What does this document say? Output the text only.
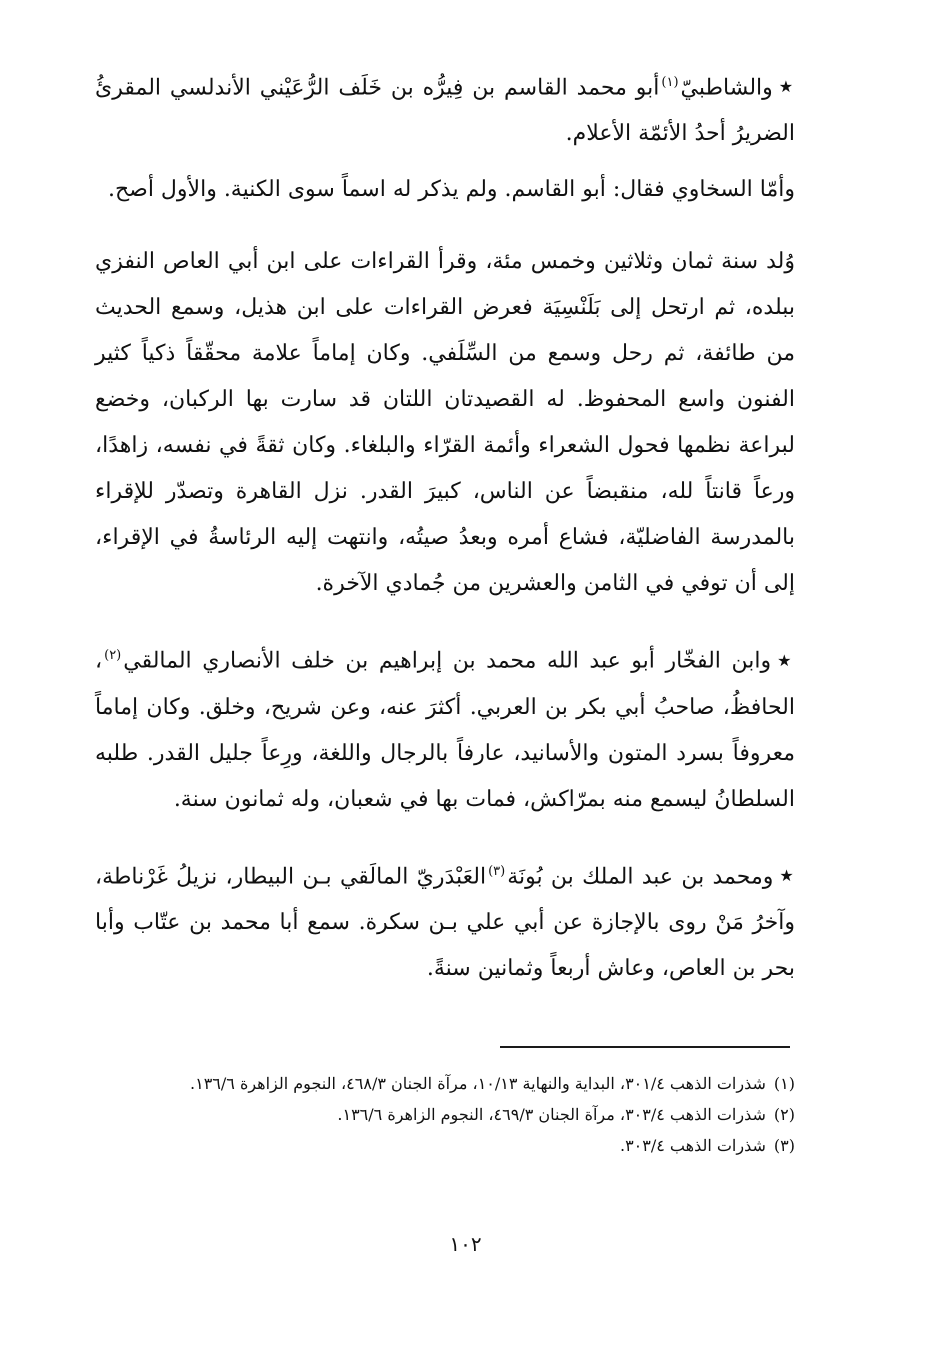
★والشاطبيّ$^{(١)}$أبو محمد القاسم بن فِيرُّه بن خَلَف الرُّعَيْني الأندلسي المقرئُ الضريرُ أحدُ الأئمّة الأعلام.

وأمّا السخاوي فقال: أبو القاسم. ولم يذكر له اسماً سوى الكنية. والأول أصح.

وُلد سنة ثمان وثلاثين وخمس مئة، وقرأ القراءات على ابن أبي العاص النفزي ببلده، ثم ارتحل إلى بَلَنْسِيَة فعرض القراءات على ابن هذيل، وسمع الحديث من طائفة، ثم رحل وسمع من السِّلَفي. وكان إماماً علامة محقّقاً ذكياً كثير الفنون واسع المحفوظ. له القصيدتان اللتان قد سارت بها الركبان، وخضع لبراعة نظمها فحول الشعراء وأئمة القرّاء والبلغاء. وكان ثقةً في نفسه، زاهدًا، ورعاً قانتاً لله، منقبضاً عن الناس، كبيرَ القدر. نزل القاهرة وتصدّر للإقراء بالمدرسة الفاضليّة، فشاع أمره وبعدُ صيتُه، وانتهت إليه الرئاسةُ في الإقراء، إلى أن توفي في الثامن والعشرين من جُمادي الآخرة.

★وابن الفخّار أبو عبد الله محمد بن إبراهيم بن خلف الأنصاري المالقي$^{(٢)}$، الحافظُ، صاحبُ أبي بكر بن العربي. أكثرَ عنه، وعن شريح، وخلق. وكان إماماً معروفاً بسرد المتون والأسانيد، عارفاً بالرجال واللغة، ورِعاً جليل القدر. طلبه السلطانُ ليسمع منه بمرّاكش، فمات بها في شعبان، وله ثمانون سنة.

★ومحمد بن عبد الملك بن بُونَة$^{(٣)}$العَبْدَريّ المالَقي بـن البيطار، نزيلُ غَرْناطة، وآخرُ مَنْ روى بالإجازة عن أبي علي بـن سكرة. سمع أبا محمد بن عتّاب وأبا بحر بن العاص، وعاش أربعاً وثمانين سنةً.

(١)شذرات الذهب ٣٠١/٤، البداية والنهاية ١٠/١٣، مرآة الجنان ٤٦٨/٣، النجوم الزاهرة ١٣٦/٦.

(٢)شذرات الذهب ٣٠٣/٤، مرآة الجنان ٤٦٩/٣، النجوم الزاهرة ١٣٦/٦.

(٣)شذرات الذهب ٣٠٣/٤.

١٠٢
